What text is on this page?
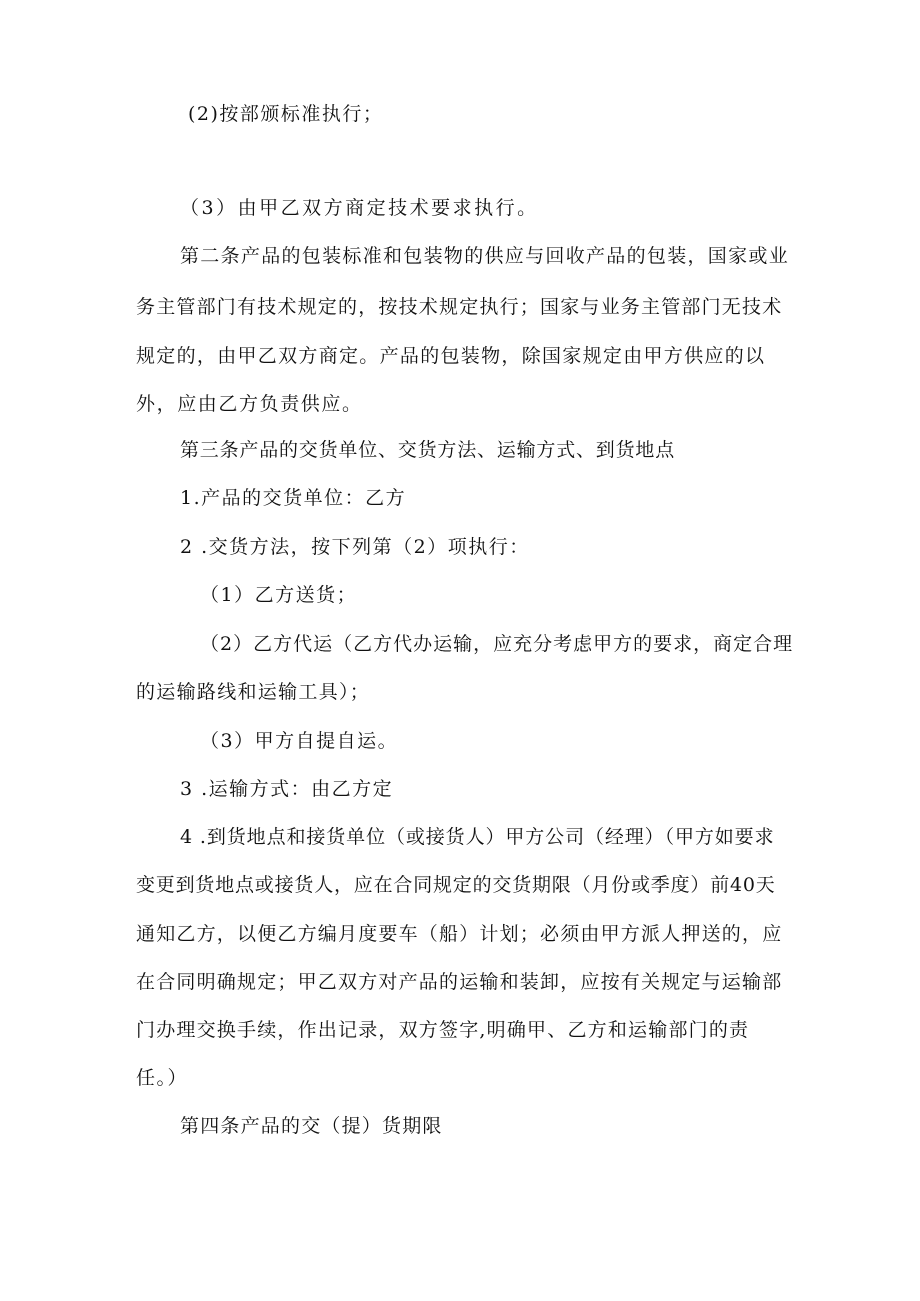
(2)按部颁标准执行；
（3）由甲乙双方商定技术要求执行。
第二条产品的包装标准和包装物的供应与回收产品的包装，国家或业
务主管部门有技术规定的，按技术规定执行；国家与业务主管部门无技术
规定的，由甲乙双方商定。产品的包装物，除国家规定由甲方供应的以
外，应由乙方负责供应。
第三条产品的交货单位、交货方法、运输方式、到货地点
1.产品的交货单位：乙方
2 .交货方法，按下列第（2）项执行：
（1）乙方送货；
（2）乙方代运（乙方代办运输，应充分考虑甲方的要求，商定合理
的运输路线和运输工具）；
（3）甲方自提自运。
3 .运输方式：由乙方定
4 .到货地点和接货单位（或接货人）甲方公司（经理）（甲方如要求
变更到货地点或接货人，应在合同规定的交货期限（月份或季度）前40天
通知乙方，以便乙方编月度要车（船）计划；必须由甲方派人押送的，应
在合同明确规定；甲乙双方对产品的运输和装卸，应按有关规定与运输部
门办理交换手续，作出记录，双方签字,明确甲、乙方和运输部门的责
任。）
第四条产品的交（提）货期限
